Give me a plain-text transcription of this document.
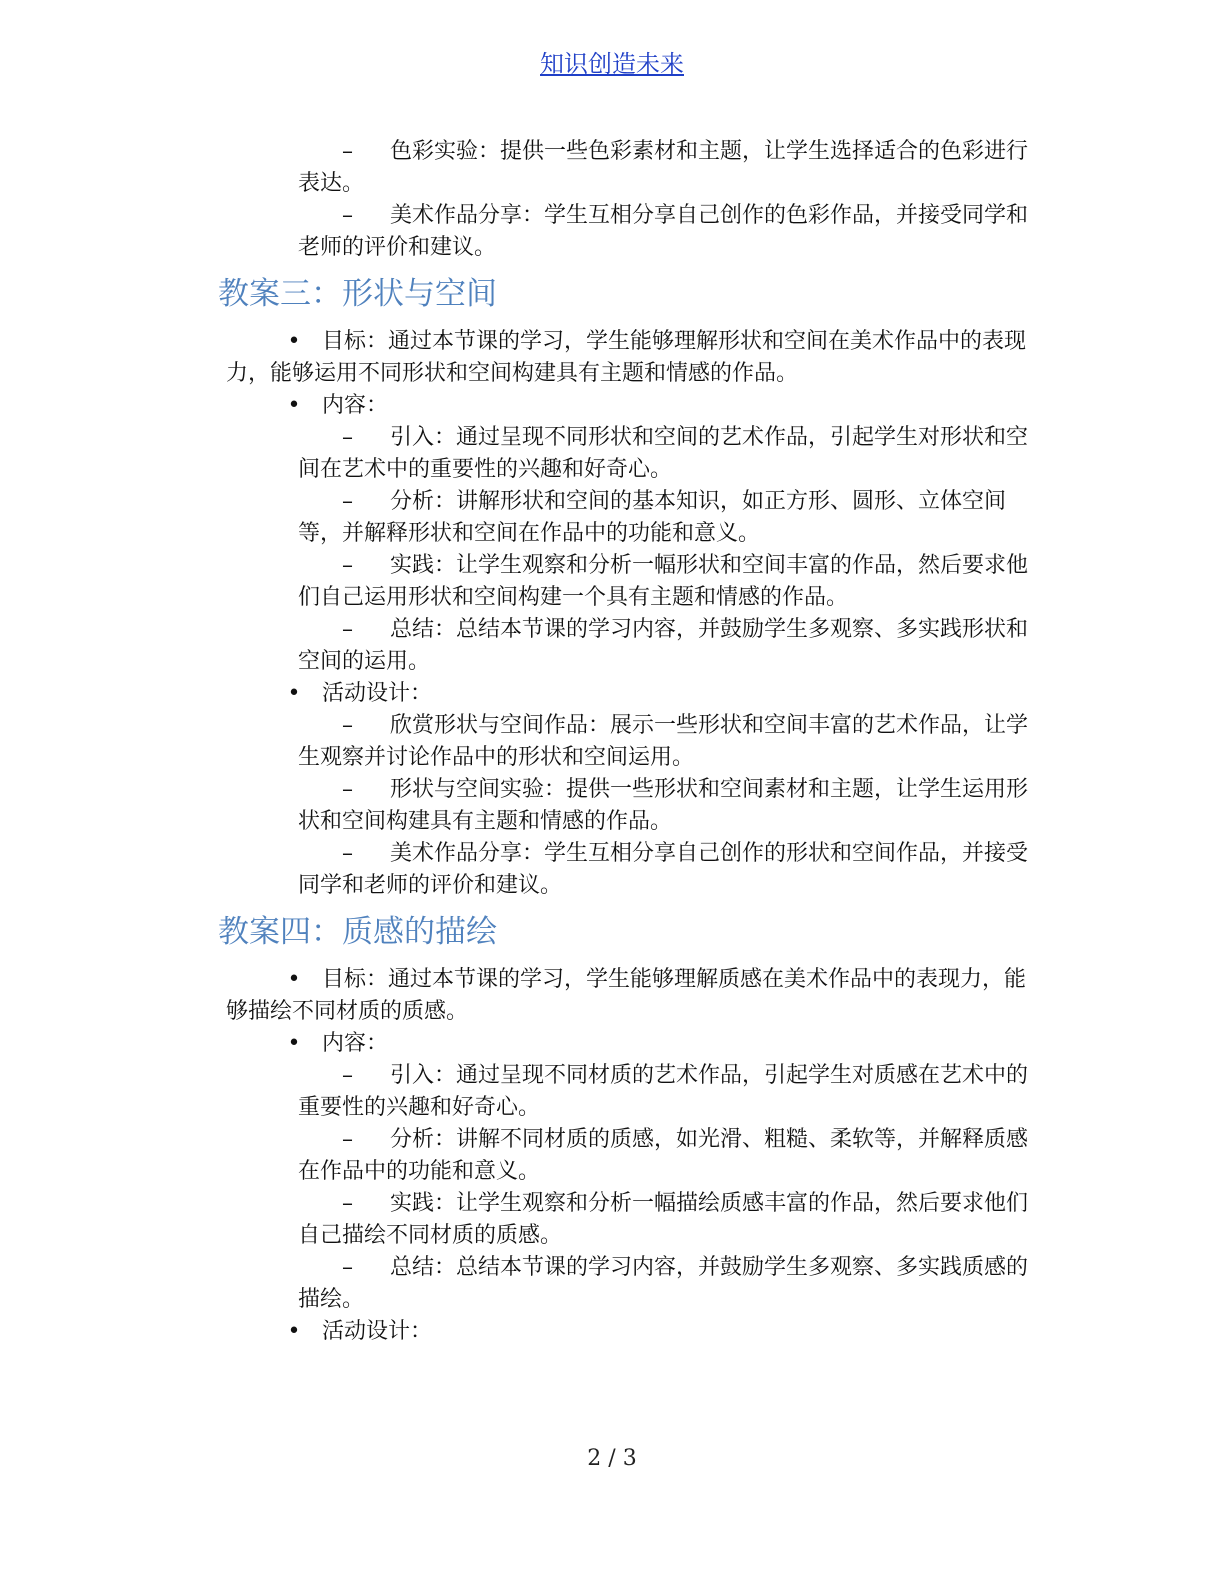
知识创造未来
– 色彩实验：提供一些色彩素材和主题，让学生选择适合的色彩进行表达。
– 美术作品分享：学生互相分享自己创作的色彩作品，并接受同学和老师的评价和建议。
教案三：形状与空间
• 目标：通过本节课的学习，学生能够理解形状和空间在美术作品中的表现力，能够运用不同形状和空间构建具有主题和情感的作品。
• 内容：
– 引入：通过呈现不同形状和空间的艺术作品，引起学生对形状和空间在艺术中的重要性的兴趣和好奇心。
– 分析：讲解形状和空间的基本知识，如正方形、圆形、立体空间等，并解释形状和空间在作品中的功能和意义。
– 实践：让学生观察和分析一幅形状和空间丰富的作品，然后要求他们自己运用形状和空间构建一个具有主题和情感的作品。
– 总结：总结本节课的学习内容，并鼓励学生多观察、多实践形状和空间的运用。
• 活动设计：
– 欣赏形状与空间作品：展示一些形状和空间丰富的艺术作品，让学生观察并讨论作品中的形状和空间运用。
– 形状与空间实验：提供一些形状和空间素材和主题，让学生运用形状和空间构建具有主题和情感的作品。
– 美术作品分享：学生互相分享自己创作的形状和空间作品，并接受同学和老师的评价和建议。
教案四：质感的描绘
• 目标：通过本节课的学习，学生能够理解质感在美术作品中的表现力，能够描绘不同材质的质感。
• 内容：
– 引入：通过呈现不同材质的艺术作品，引起学生对质感在艺术中的重要性的兴趣和好奇心。
– 分析：讲解不同材质的质感，如光滑、粗糙、柔软等，并解释质感在作品中的功能和意义。
– 实践：让学生观察和分析一幅描绘质感丰富的作品，然后要求他们自己描绘不同材质的质感。
– 总结：总结本节课的学习内容，并鼓励学生多观察、多实践质感的描绘。
• 活动设计：
2 / 3
